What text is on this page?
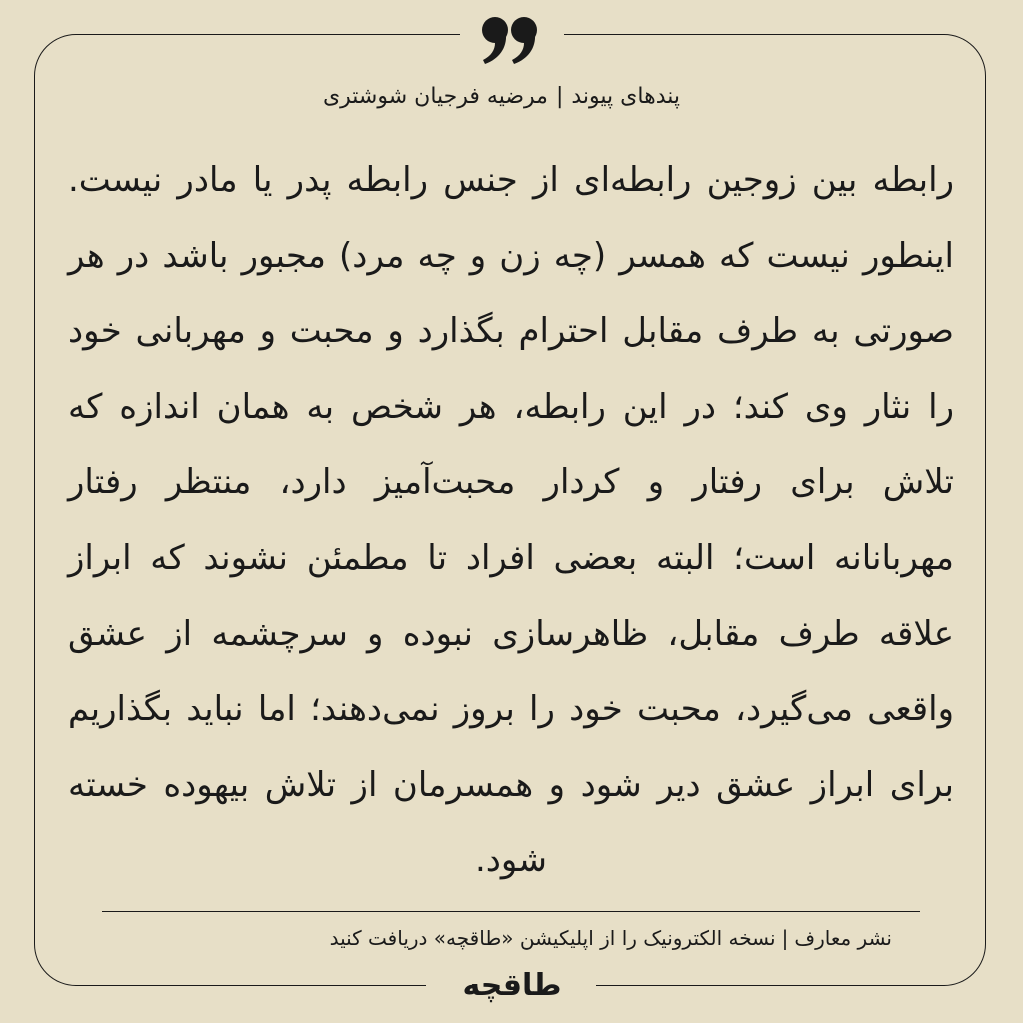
پندهای پیوند|مرضیه فرجیان شوشتری
رابطه بین زوجین رابطه‌ای از جنس رابطه پدر یا مادر نیست. اینطور نیست که همسر (چه زن و چه مرد) مجبور باشد در هر صورتی به طرف مقابل احترام بگذارد و محبت و مهربانی خود را نثار وی کند؛ در این رابطه، هر شخص به همان اندازه که تلاش برای رفتار و کردار محبت‌آمیز دارد، منتظر رفتار مهربانانه است؛ البته بعضی افراد تا مطمئن نشوند که ابراز علاقه طرف مقابل، ظاهرسازی نبوده و سرچشمه از عشق واقعی می‌گیرد، محبت خود را بروز نمی‌دهند؛ اما نباید بگذاریم برای ابراز عشق دیر شود و همسرمان از تلاش بیهوده خسته شود.
نشر معارف|نسخه الکترونیک را از اپلیکیشن «طاقچه» دریافت کنید
طاقچه
